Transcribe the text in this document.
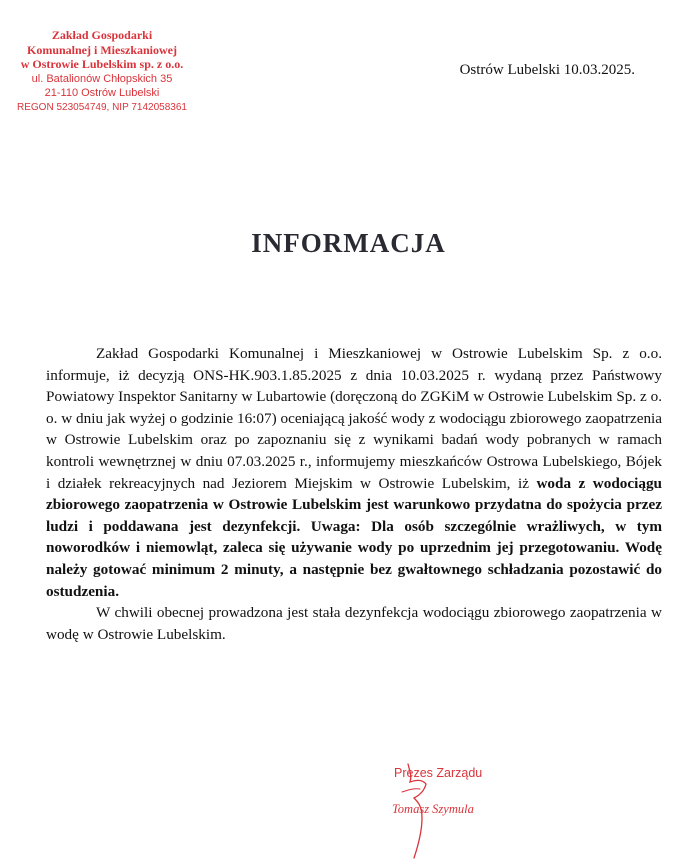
Zakład Gospodarki
Komunalnej i Mieszkaniowej
w Ostrowie Lubelskim sp. z o.o.
ul. Batalionów Chłopskich 35
21-110 Ostrów Lubelski
REGON 523054749, NIP 7142058361
Ostrów Lubelski 10.03.2025.
INFORMACJA

Zakład Gospodarki Komunalnej i Mieszkaniowej w Ostrowie Lubelskim Sp. z o.o. informuje, iż decyzją ONS-HK.903.1.85.2025 z dnia 10.03.2025 r. wydaną przez Państwowy Powiatowy Inspektor Sanitarny w Lubartowie (doręczoną do ZGKiM w Ostrowie Lubelskim Sp. z o. o. w dniu jak wyżej o godzinie 16:07) oceniającą jakość wody z wodociągu zbiorowego zaopatrzenia w Ostrowie Lubelskim oraz po zapoznaniu się z wynikami badań wody pobranych w ramach kontroli wewnętrznej w dniu 07.03.2025 r., informujemy mieszkańców Ostrowa Lubelskiego, Bójek i działek rekreacyjnych nad Jeziorem Miejskim w Ostrowie Lubelskim, iż woda z wodociągu zbiorowego zaopatrzenia w Ostrowie Lubelskim jest warunkowo przydatna do spożycia przez ludzi i poddawana jest dezynfekcji. Uwaga: Dla osób szczególnie wrażliwych, w tym noworodków i niemowląt, zaleca się używanie wody po uprzednim jej przegotowaniu. Wodę należy gotować minimum 2 minuty, a następnie bez gwałtownego schładzania pozostawić do ostudzenia.

W chwili obecnej prowadzona jest stała dezynfekcja wodociągu zbiorowego zaopatrzenia w wodę w Ostrowie Lubelskim.

Prezes Zarządu
Tomasz Szymula
